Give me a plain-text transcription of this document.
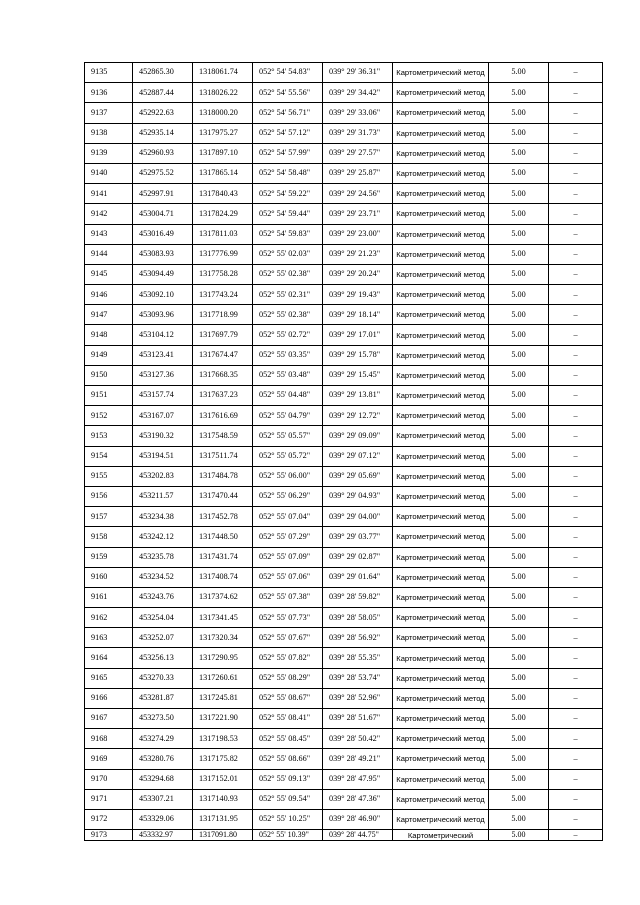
9135	452865.30	1318061.74	052° 54' 54.83"	039° 29' 36.31"	Картометрический метод	5.00	–
9136	452887.44	1318026.22	052° 54' 55.56"	039° 29' 34.42"	Картометрический метод	5.00	–
9137	452922.63	1318000.20	052° 54' 56.71"	039° 29' 33.06"	Картометрический метод	5.00	–
9138	452935.14	1317975.27	052° 54' 57.12"	039° 29' 31.73"	Картометрический метод	5.00	–
9139	452960.93	1317897.10	052° 54' 57.99"	039° 29' 27.57"	Картометрический метод	5.00	–
9140	452975.52	1317865.14	052° 54' 58.48"	039° 29' 25.87"	Картометрический метод	5.00	–
9141	452997.91	1317840.43	052° 54' 59.22"	039° 29' 24.56"	Картометрический метод	5.00	–
9142	453004.71	1317824.29	052° 54' 59.44"	039° 29' 23.71"	Картометрический метод	5.00	–
9143	453016.49	1317811.03	052° 54' 59.83"	039° 29' 23.00"	Картометрический метод	5.00	–
9144	453083.93	1317776.99	052° 55' 02.03"	039° 29' 21.23"	Картометрический метод	5.00	–
9145	453094.49	1317758.28	052° 55' 02.38"	039° 29' 20.24"	Картометрический метод	5.00	–
9146	453092.10	1317743.24	052° 55' 02.31"	039° 29' 19.43"	Картометрический метод	5.00	–
9147	453093.96	1317718.99	052° 55' 02.38"	039° 29' 18.14"	Картометрический метод	5.00	–
9148	453104.12	1317697.79	052° 55' 02.72"	039° 29' 17.01"	Картометрический метод	5.00	–
9149	453123.41	1317674.47	052° 55' 03.35"	039° 29' 15.78"	Картометрический метод	5.00	–
9150	453127.36	1317668.35	052° 55' 03.48"	039° 29' 15.45"	Картометрический метод	5.00	–
9151	453157.74	1317637.23	052° 55' 04.48"	039° 29' 13.81"	Картометрический метод	5.00	–
9152	453167.07	1317616.69	052° 55' 04.79"	039° 29' 12.72"	Картометрический метод	5.00	–
9153	453190.32	1317548.59	052° 55' 05.57"	039° 29' 09.09"	Картометрический метод	5.00	–
9154	453194.51	1317511.74	052° 55' 05.72"	039° 29' 07.12"	Картометрический метод	5.00	–
9155	453202.83	1317484.78	052° 55' 06.00"	039° 29' 05.69"	Картометрический метод	5.00	–
9156	453211.57	1317470.44	052° 55' 06.29"	039° 29' 04.93"	Картометрический метод	5.00	–
9157	453234.38	1317452.78	052° 55' 07.04"	039° 29' 04.00"	Картометрический метод	5.00	–
9158	453242.12	1317448.50	052° 55' 07.29"	039° 29' 03.77"	Картометрический метод	5.00	–
9159	453235.78	1317431.74	052° 55' 07.09"	039° 29' 02.87"	Картометрический метод	5.00	–
9160	453234.52	1317408.74	052° 55' 07.06"	039° 29' 01.64"	Картометрический метод	5.00	–
9161	453243.76	1317374.62	052° 55' 07.38"	039° 28' 59.82"	Картометрический метод	5.00	–
9162	453254.04	1317341.45	052° 55' 07.73"	039° 28' 58.05"	Картометрический метод	5.00	–
9163	453252.07	1317320.34	052° 55' 07.67"	039° 28' 56.92"	Картометрический метод	5.00	–
9164	453256.13	1317290.95	052° 55' 07.82"	039° 28' 55.35"	Картометрический метод	5.00	–
9165	453270.33	1317260.61	052° 55' 08.29"	039° 28' 53.74"	Картометрический метод	5.00	–
9166	453281.87	1317245.81	052° 55' 08.67"	039° 28' 52.96"	Картометрический метод	5.00	–
9167	453273.50	1317221.90	052° 55' 08.41"	039° 28' 51.67"	Картометрический метод	5.00	–
9168	453274.29	1317198.53	052° 55' 08.45"	039° 28' 50.42"	Картометрический метод	5.00	–
9169	453280.76	1317175.82	052° 55' 08.66"	039° 28' 49.21"	Картометрический метод	5.00	–
9170	453294.68	1317152.01	052° 55' 09.13"	039° 28' 47.95"	Картометрический метод	5.00	–
9171	453307.21	1317140.93	052° 55' 09.54"	039° 28' 47.36"	Картометрический метод	5.00	–
9172	453329.06	1317131.95	052° 55' 10.25"	039° 28' 46.90"	Картометрический метод	5.00	–
9173	453332.97	1317091.80	052° 55' 10.39"	039° 28' 44.75"	Картометрический	5.00	–
